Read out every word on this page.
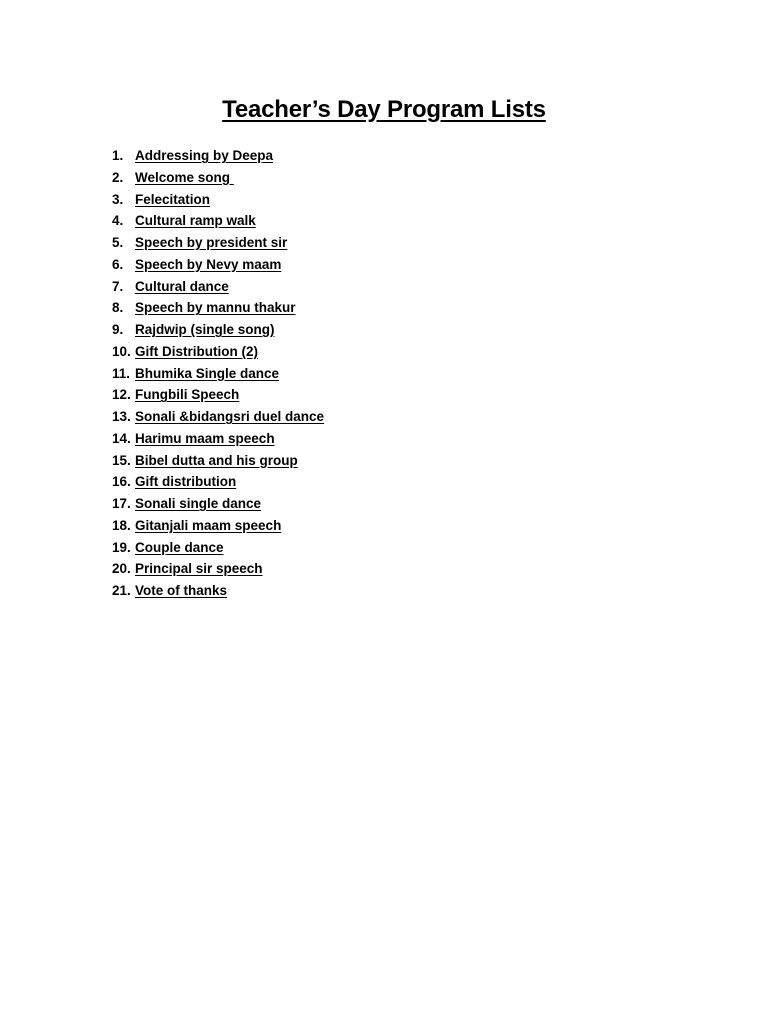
Teacher’s Day Program Lists
1. Addressing by Deepa
2. Welcome song
3. Felecitation
4. Cultural ramp walk
5. Speech by president sir
6. Speech by Nevy maam
7. Cultural dance
8. Speech by mannu thakur
9. Rajdwip (single song)
10. Gift Distribution (2)
11. Bhumika Single dance
12. Fungbili Speech
13. Sonali &bidangsri duel dance
14. Harimu maam speech
15. Bibel dutta and his group
16. Gift distribution
17. Sonali single dance
18. Gitanjali maam speech
19. Couple dance
20. Principal sir speech
21. Vote of thanks
